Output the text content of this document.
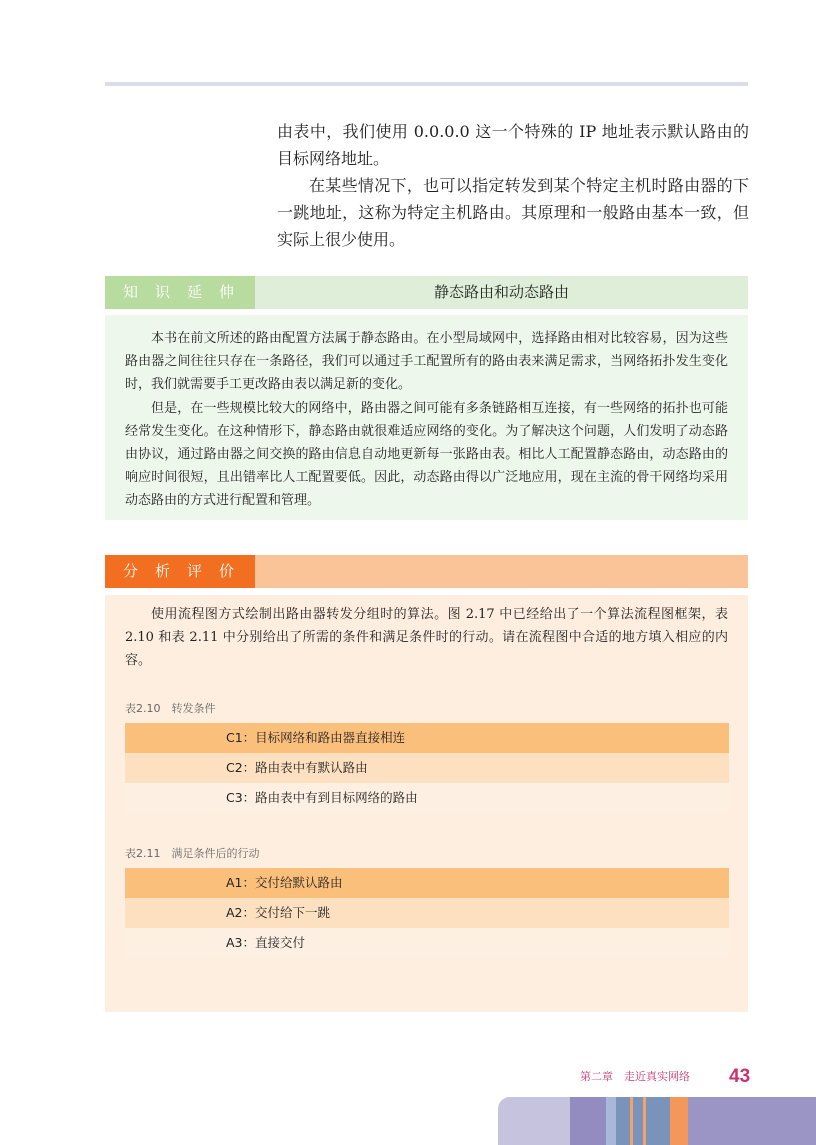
由表中，我们使用 0.0.0.0 这一个特殊的 IP 地址表示默认路由的目标网络地址。

在某些情况下，也可以指定转发到某个特定主机时路由器的下一跳地址，这称为特定主机路由。其原理和一般路由基本一致，但实际上很少使用。

知识延伸	静态路由和动态路由

本书在前文所述的路由配置方法属于静态路由。在小型局域网中，选择路由相对比较容易，因为这些路由器之间往往只存在一条路径，我们可以通过手工配置所有的路由表来满足需求，当网络拓扑发生变化时，我们就需要手工更改路由表以满足新的变化。

但是，在一些规模比较大的网络中，路由器之间可能有多条链路相互连接，有一些网络的拓扑也可能经常发生变化。在这种情形下，静态路由就很难适应网络的变化。为了解决这个问题，人们发明了动态路由协议，通过路由器之间交换的路由信息自动地更新每一张路由表。相比人工配置静态路由，动态路由的响应时间很短，且出错率比人工配置要低。因此，动态路由得以广泛地应用，现在主流的骨干网络均采用动态路由的方式进行配置和管理。

分析评价

使用流程图方式绘制出路由器转发分组时的算法。图 2.17 中已经给出了一个算法流程图框架，表 2.10 和表 2.11 中分别给出了所需的条件和满足条件时的行动。请在流程图中合适的地方填入相应的内容。

表2.10　转发条件
C1：目标网络和路由器直接相连
C2：路由表中有默认路由
C3：路由表中有到目标网络的路由
表2.11　满足条件后的行动
A1：交付给默认路由
A2：交付给下一跳
A3：直接交付
第二章　走近真实网络 43
